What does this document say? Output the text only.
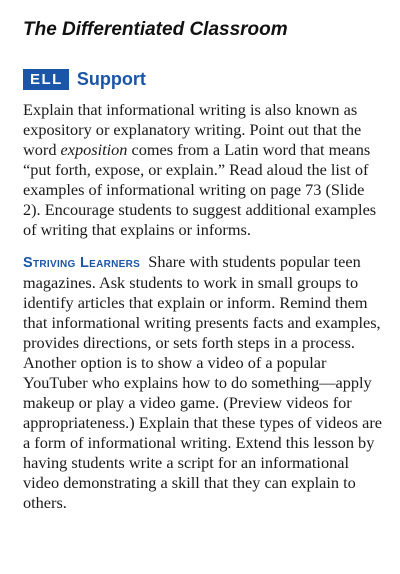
The Differentiated Classroom
ELL Support

Explain that informational writing is also known as expository or explanatory writing. Point out that the word exposition comes from a Latin word that means “put forth, expose, or explain.” Read aloud the list of examples of informational writing on page 73 (Slide 2). Encourage students to suggest additional examples of writing that explains or informs.

Striving Learners Share with students popular teen magazines. Ask students to work in small groups to identify articles that explain or inform. Remind them that informational writing presents facts and examples, provides directions, or sets forth steps in a process. Another option is to show a video of a popular YouTuber who explains how to do something—apply makeup or play a video game. (Preview videos for appropriateness.) Explain that these types of videos are a form of informational writing. Extend this lesson by having students write a script for an informational video demonstrating a skill that they can explain to others.
